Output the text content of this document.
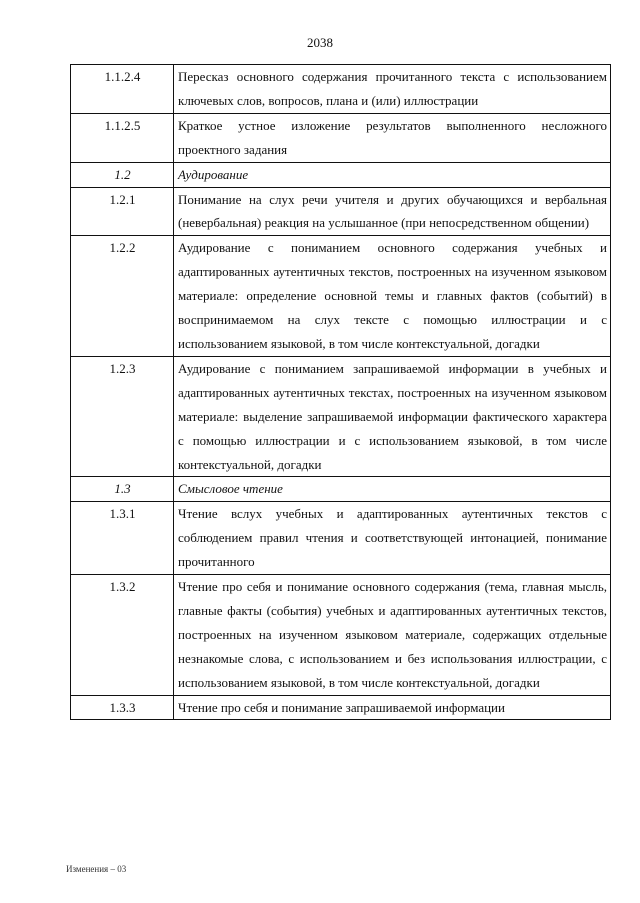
2038
1.1.2.4	Пересказ основного содержания прочитанного текста с использованием ключевых слов, вопросов, плана и (или) иллюстрации
1.1.2.5	Краткое устное изложение результатов выполненного несложного проектного задания
1.2	Аудирование
1.2.1	Понимание на слух речи учителя и других обучающихся и вербальная (невербальная) реакция на услышанное (при непосредственном общении)
1.2.2	Аудирование с пониманием основного содержания учебных и адаптированных аутентичных текстов, построенных на изученном языковом материале: определение основной темы и главных фактов (событий) в воспринимаемом на слух тексте с помощью иллюстрации и с использованием языковой, в том числе контекстуальной, догадки
1.2.3	Аудирование с пониманием запрашиваемой информации в учебных и адаптированных аутентичных текстах, построенных на изученном языковом материале: выделение запрашиваемой информации фактического характера с помощью иллюстрации и с использованием языковой, в том числе контекстуальной, догадки
1.3	Смысловое чтение
1.3.1	Чтение вслух учебных и адаптированных аутентичных текстов с соблюдением правил чтения и соответствующей интонацией, понимание прочитанного
1.3.2	Чтение про себя и понимание основного содержания (тема, главная мысль, главные факты (события) учебных и адаптированных аутентичных текстов, построенных на изученном языковом материале, содержащих отдельные незнакомые слова, с использованием и без использования иллюстрации, с использованием языковой, в том числе контекстуальной, догадки
1.3.3	Чтение про себя и понимание запрашиваемой информации
Изменения – 03
